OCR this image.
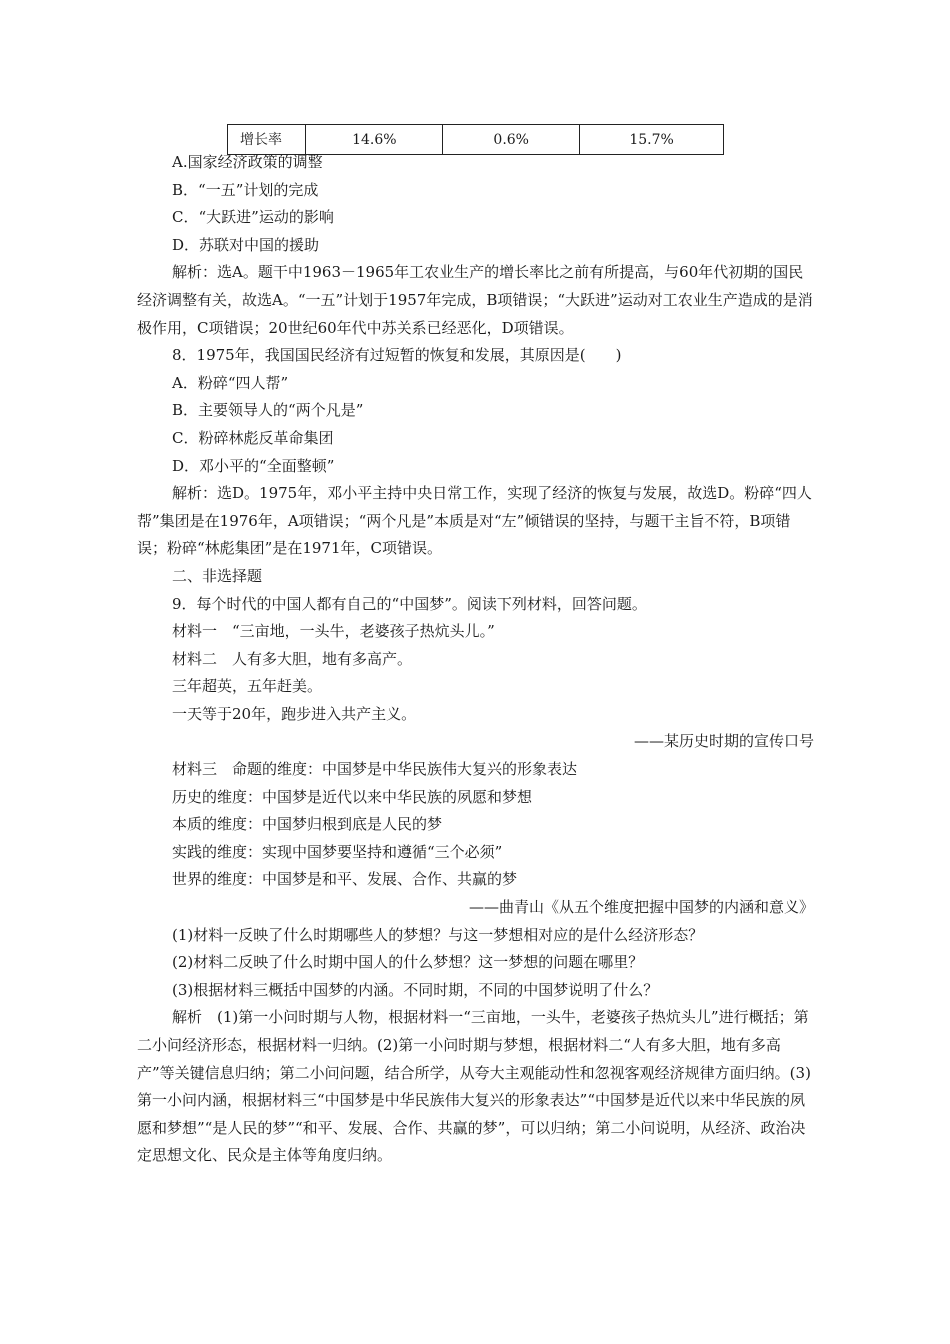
增长率	14.6%	0.6%	15.7%

A.国家经济政策的调整

B．“一五”计划的完成

C．“大跃进”运动的影响

D．苏联对中国的援助

解析：选A。题干中1963－1965年工农业生产的增长率比之前有所提高，与60年代初期的国民经济调整有关，故选A。“一五”计划于1957年完成，B项错误；“大跃进”运动对工农业生产造成的是消极作用，C项错误；20世纪60年代中苏关系已经恶化，D项错误。

8．1975年，我国国民经济有过短暂的恢复和发展，其原因是(　　)

A．粉碎“四人帮”

B．主要领导人的“两个凡是”

C．粉碎林彪反革命集团

D．邓小平的“全面整顿”

解析：选D。1975年，邓小平主持中央日常工作，实现了经济的恢复与发展，故选D。粉碎“四人帮”集团是在1976年，A项错误；“两个凡是”本质是对“左”倾错误的坚持，与题干主旨不符，B项错误；粉碎“林彪集团”是在1971年，C项错误。

二、非选择题

9．每个时代的中国人都有自己的“中国梦”。阅读下列材料，回答问题。

材料一　“三亩地，一头牛，老婆孩子热炕头儿。”

材料二　人有多大胆，地有多高产。

三年超英，五年赶美。

一天等于20年，跑步进入共产主义。

——某历史时期的宣传口号

材料三　命题的维度：中国梦是中华民族伟大复兴的形象表达

历史的维度：中国梦是近代以来中华民族的夙愿和梦想

本质的维度：中国梦归根到底是人民的梦

实践的维度：实现中国梦要坚持和遵循“三个必须”

世界的维度：中国梦是和平、发展、合作、共赢的梦

——曲青山《从五个维度把握中国梦的内涵和意义》

(1)材料一反映了什么时期哪些人的梦想？与这一梦想相对应的是什么经济形态？

(2)材料二反映了什么时期中国人的什么梦想？这一梦想的问题在哪里？

(3)根据材料三概括中国梦的内涵。不同时期，不同的中国梦说明了什么？

解析　(1)第一小问时期与人物，根据材料一“三亩地，一头牛，老婆孩子热炕头儿”进行概括；第二小问经济形态，根据材料一归纳。(2)第一小问时期与梦想，根据材料二“人有多大胆，地有多高产”等关键信息归纳；第二小问问题，结合所学，从夸大主观能动性和忽视客观经济规律方面归纳。(3)第一小问内涵，根据材料三“中国梦是中华民族伟大复兴的形象表达”“中国梦是近代以来中华民族的夙愿和梦想”“是人民的梦”“和平、发展、合作、共赢的梦”，可以归纳；第二小问说明，从经济、政治决定思想文化、民众是主体等角度归纳。
